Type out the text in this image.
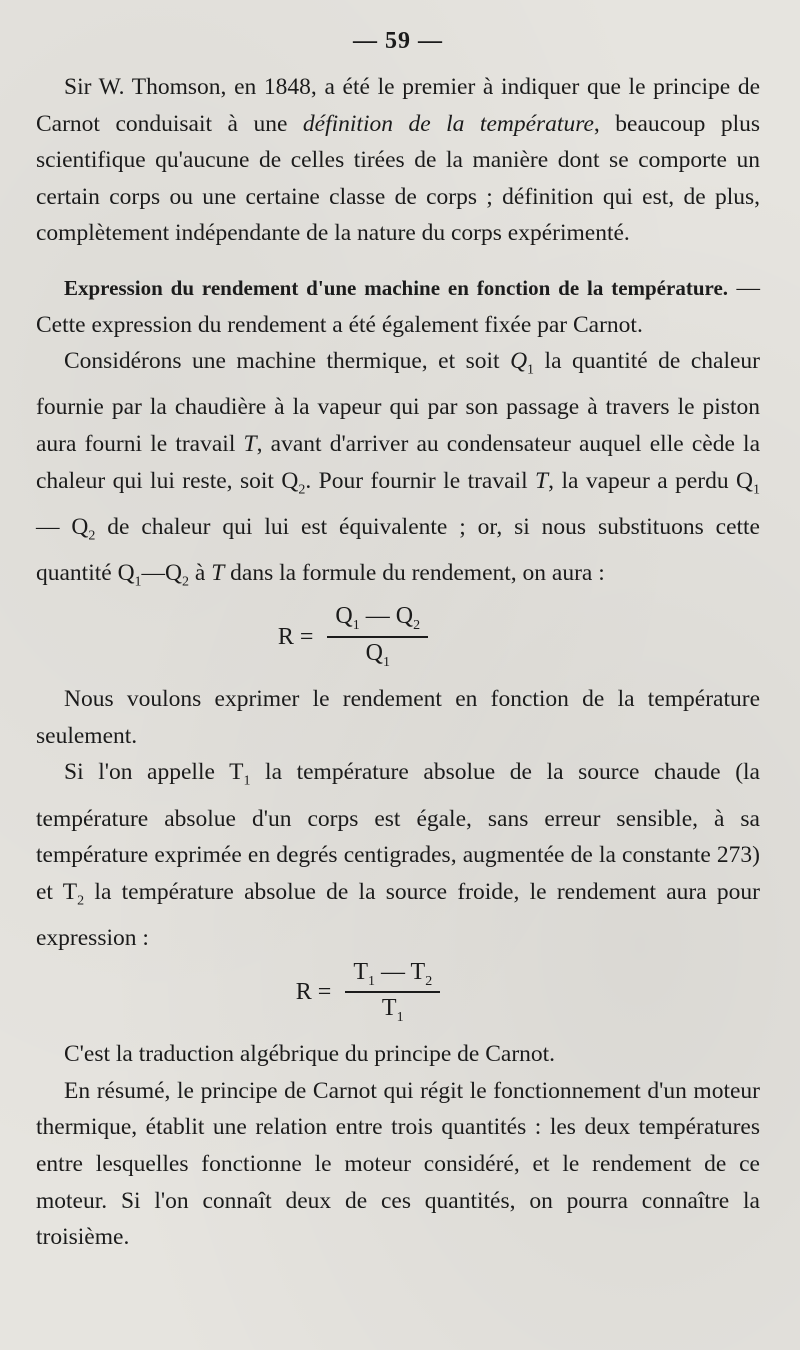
— 59 —

Sir W. Thomson, en 1848, a été le premier à indiquer que le principe de Carnot conduisait à une définition de la température, beaucoup plus scientifique qu'aucune de celles tirées de la manière dont se comporte un certain corps ou une certaine classe de corps ; définition qui est, de plus, complètement indépendante de la nature du corps expérimenté.

Expression du rendement d'une machine en fonction de la température. — Cette expression du rendement a été également fixée par Carnot.

Considérons une machine thermique, et soit $Q_1$ la quantité de chaleur fournie par la chaudière à la vapeur qui par son passage à travers le piston aura fourni le travail T, avant d'arriver au condensateur auquel elle cède la chaleur qui lui reste, soit $Q_2$. Pour fournir le travail T, la vapeur a perdu $Q_1—$ $Q_2$ de chaleur qui lui est équivalente ; or, si nous substituons cette quantité $Q_1—Q_2$ à T dans la formule du rendement, on aura :

$R = \frac{Q_1 — Q_2}{Q_1}$

Nous voulons exprimer le rendement en fonction de la température seulement.

Si l'on appelle $T_1$ la température absolue de la source chaude (la température absolue d'un corps est égale, sans erreur sensible, à sa température exprimée en degrés centigrades, augmentée de la constante 273) et $T_2$ la température absolue de la source froide, le rendement aura pour expression :

$R = \frac{T_1 — T_2}{T_1}$

C'est la traduction algébrique du principe de Carnot.

En résumé, le principe de Carnot qui régit le fonctionnement d'un moteur thermique, établit une relation entre trois quantités : les deux températures entre lesquelles fonctionne le moteur considéré, et le rendement de ce moteur. Si l'on connaît deux de ces quantités, on pourra connaître la troisième.
